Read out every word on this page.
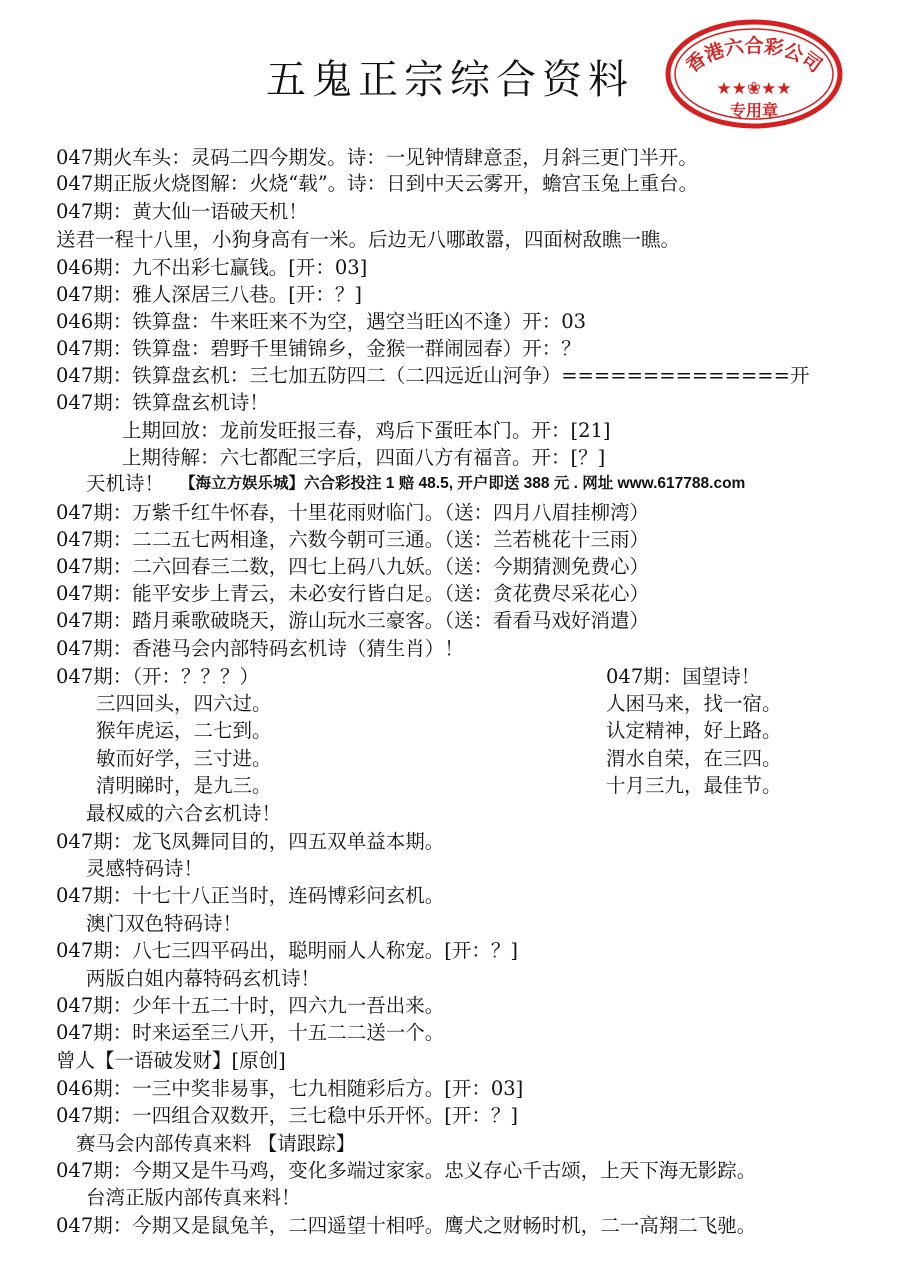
五鬼正宗综合资料	香港六合彩公司
★★❀★★
专用章
047期火车头：灵码二四今期发。诗：一见钟情肆意歪，月斜三更门半开。
047期正版火烧图解：火烧“载”。诗：日到中天云雾开，蟾宫玉兔上重台。
047期：黄大仙一语破天机！
送君一程十八里，小狗身高有一米。后边无八哪敢嚣，四面树敌瞧一瞧。
046期：九不出彩七赢钱。[开：03]
047期：雅人深居三八巷。[开：？]
046期：铁算盘：牛来旺来不为空，遇空当旺凶不逢）开：03
047期：铁算盘：碧野千里铺锦乡，金猴一群闹园春）开：？
047期：铁算盘玄机：三七加五防四二（二四远近山河争）==============开
047期：铁算盘玄机诗！
上期回放：龙前发旺报三春，鸡后下蛋旺本门。开：[21]
上期待解：六七都配三字后，四面八方有福音。开：[？]
天机诗！ 【海立方娱乐城】六合彩投注 1 赔 48.5, 开户即送 388 元 . 网址 www.617788.com
047期：万紫千红牛怀春，十里花雨财临门。（送：四月八眉挂柳湾）
047期：二二五七两相逢，六数今朝可三通。（送：兰若桃花十三雨）
047期：二六回春三二数，四七上码八九妖。（送：今期猜测免费心）
047期：能平安步上青云，未必安行皆白足。（送：贪花费尽采花心）
047期：踏月乘歌破晓天，游山玩水三豪客。（送：看看马戏好消遣）
047期：香港马会内部特码玄机诗（猜生肖）！
047期：（开：？？？）
三四回头，四六过。
猴年虎运，二七到。
敏而好学，三寸进。
清明睇时，是九三。
最权威的六合玄机诗！
047期：龙飞凤舞同目的，四五双单益本期。
灵感特码诗！
047期：十七十八正当时，连码博彩问玄机。
澳门双色特码诗！
047期：八七三四平码出，聪明丽人人称宠。[开：？]
两版白姐内幕特码玄机诗！
047期：少年十五二十时，四六九一吾出来。
047期：时来运至三八开，十五二二送一个。
曾人【一语破发财】[原创]
046期：一三中奖非易事，七九相随彩后方。[开：03]
047期：一四组合双数开，三七稳中乐开怀。[开：？]
赛马会内部传真来料 【请跟踪】
047期：今期又是牛马鸡，变化多端过家家。忠义存心千古颂，上天下海无影踪。
台湾正版内部传真来料！
047期：今期又是鼠兔羊，二四遥望十相呼。鹰犬之财畅时机，二一高翔二飞驰。
047期：国望诗！
人困马来，找一宿。
认定精神，好上路。
渭水自荣，在三四。
十月三九，最佳节。
